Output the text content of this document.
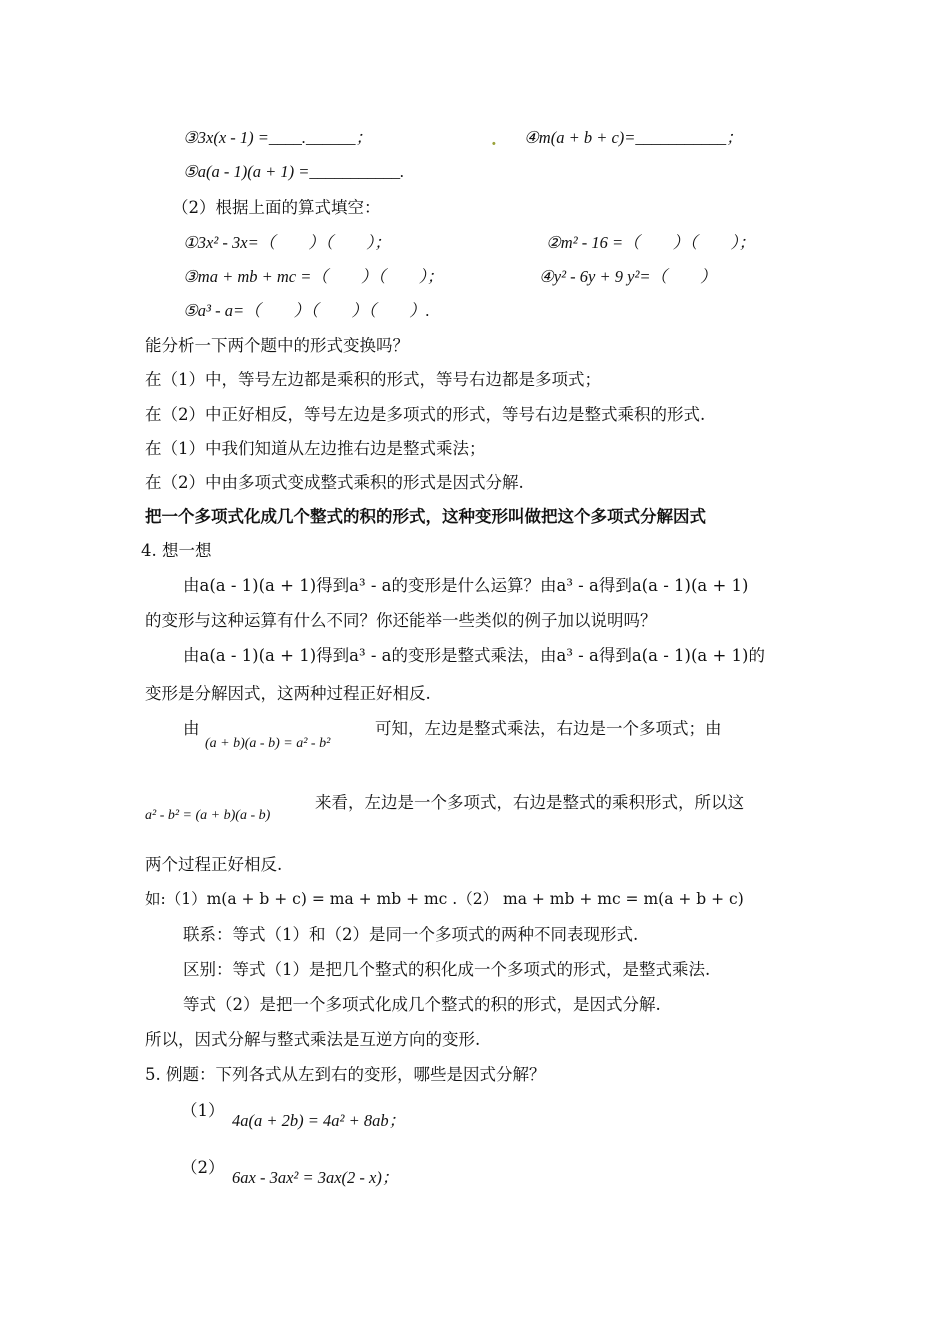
③3x(x - 1) =____.______；	. ④m(a + b + c)=___________；
⑤a(a - 1)(a + 1) =___________.
（2）根据上面的算式填空：
①3x² - 3x=（　　）（　　）；	②m² - 16 =（　　）（　　）；
③ma + mb + mc =（　　）（　　）；	④y² - 6y + 9 y²=（　　）
⑤a³ - a=（　　）（　　）（　　）.
能分析一下两个题中的形式变换吗？
在（1）中，等号左边都是乘积的形式，等号右边都是多项式；
在（2）中正好相反，等号左边是多项式的形式，等号右边是整式乘积的形式.
在（1）中我们知道从左边推右边是整式乘法；
在（2）中由多项式变成整式乘积的形式是因式分解.
把一个多项式化成几个整式的积的形式，这种变形叫做把这个多项式分解因式
4. 想一想
由a(a - 1)(a + 1)得到a³ - a的变形是什么运算？由a³ - a得到a(a - 1)(a + 1)
的变形与这种运算有什么不同？你还能举一些类似的例子加以说明吗？
由a(a - 1)(a + 1)得到a³ - a的变形是整式乘法，由a³ - a得到a(a - 1)(a + 1)的
变形是分解因式，这两种过程正好相反.
由
(a + b)(a - b) = a² - b²
可知，左边是整式乘法，右边是一个多项式；由
a² - b² = (a + b)(a - b)
来看，左边是一个多项式，右边是整式的乘积形式，所以这
两个过程正好相反.
如:（1）m(a + b + c) = ma + mb + mc .（2） ma + mb + mc = m(a + b + c)
联系：等式（1）和（2）是同一个多项式的两种不同表现形式.
区别：等式（1）是把几个整式的积化成一个多项式的形式，是整式乘法.
等式（2）是把一个多项式化成几个整式的积的形式，是因式分解.
所以，因式分解与整式乘法是互逆方向的变形.
5. 例题：下列各式从左到右的变形，哪些是因式分解？
（1）
4a(a + 2b) = 4a² + 8ab；
（2）
6ax - 3ax² = 3ax(2 - x)；
